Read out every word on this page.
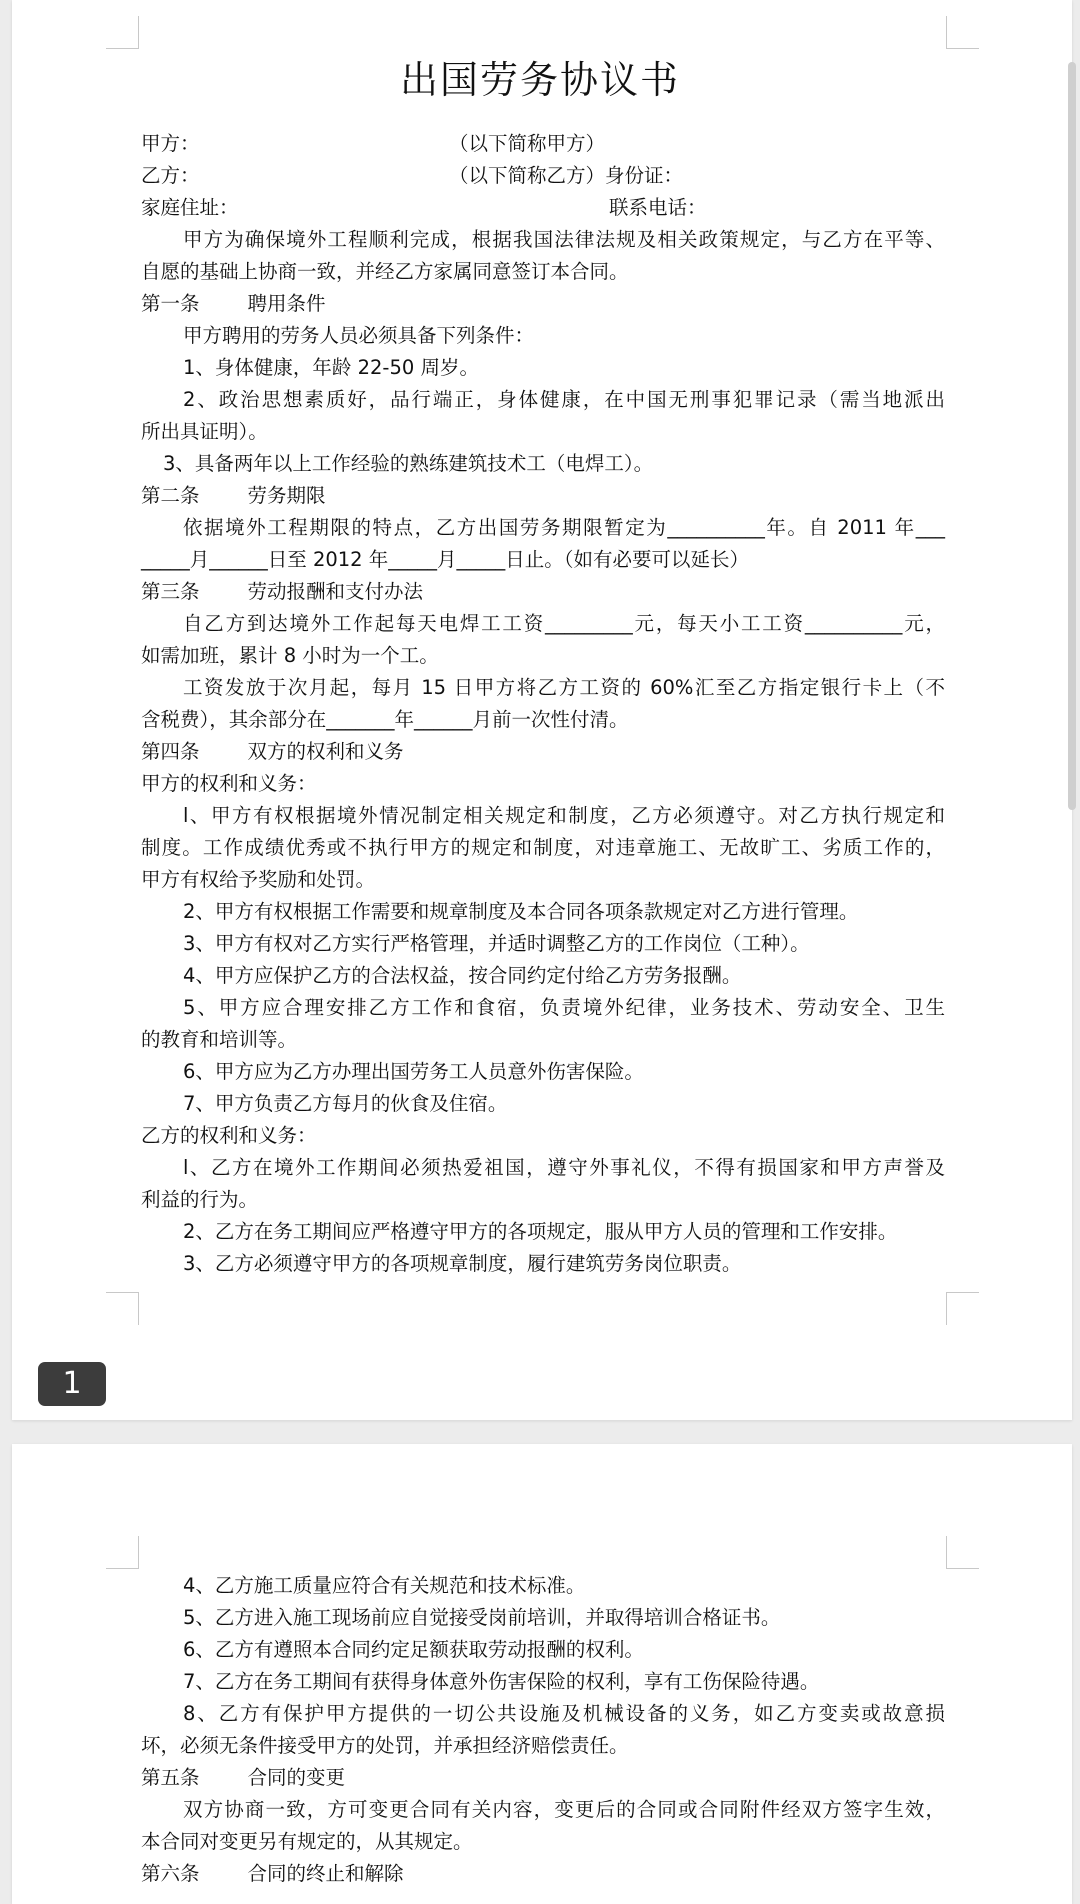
1
出国劳务协议书
甲方：	（以下简称甲方）
乙方：	（以下简称乙方）身份证：
家庭住址：	联系电话：
甲方为确保境外工程顺利完成，根据我国法律法规及相关政策规定，与乙方在平等、
自愿的基础上协商一致，并经乙方家属同意签订本合同。
第一条 聘用条件
甲方聘用的劳务人员必须具备下列条件：
1、身体健康，年龄 22-50 周岁。
2、政治思想素质好，品行端正，身体健康，在中国无刑事犯罪记录（需当地派出
所出具证明）。
3、具备两年以上工作经验的熟练建筑技术工（电焊工）。
第二条 劳务期限
依据境外工程期限的特点，乙方出国劳务期限暂定为__________年。自 2011 年___
_____月______日至 2012 年_____月_____日止。（如有必要可以延长）
第三条 劳动报酬和支付办法
自乙方到达境外工作起每天电焊工工资_________元，每天小工工资__________元，
如需加班，累计 8 小时为一个工。
工资发放于次月起，每月 15 日甲方将乙方工资的 60%汇至乙方指定银行卡上（不
含税费），其余部分在_______年______月前一次性付清。
第四条 双方的权利和义务
甲方的权利和义务：
l、甲方有权根据境外情况制定相关规定和制度，乙方必须遵守。对乙方执行规定和
制度。工作成绩优秀或不执行甲方的规定和制度，对违章施工、无故旷工、劣质工作的，
甲方有权给予奖励和处罚。
2、甲方有权根据工作需要和规章制度及本合同各项条款规定对乙方进行管理。
3、甲方有权对乙方实行严格管理，并适时调整乙方的工作岗位（工种）。
4、甲方应保护乙方的合法权益，按合同约定付给乙方劳务报酬。
5、甲方应合理安排乙方工作和食宿，负责境外纪律，业务技术、劳动安全、卫生
的教育和培训等。
6、甲方应为乙方办理出国劳务工人员意外伤害保险。
7、甲方负责乙方每月的伙食及住宿。
乙方的权利和义务：
l、乙方在境外工作期间必须热爱祖国，遵守外事礼仪，不得有损国家和甲方声誉及
利益的行为。
2、乙方在务工期间应严格遵守甲方的各项规定，服从甲方人员的管理和工作安排。
3、乙方必须遵守甲方的各项规章制度，履行建筑劳务岗位职责。
4、乙方施工质量应符合有关规范和技术标准。
5、乙方进入施工现场前应自觉接受岗前培训，并取得培训合格证书。
6、乙方有遵照本合同约定足额获取劳动报酬的权利。
7、乙方在务工期间有获得身体意外伤害保险的权利，享有工伤保险待遇。
8、乙方有保护甲方提供的一切公共设施及机械设备的义务，如乙方变卖或故意损
坏，必须无条件接受甲方的处罚，并承担经济赔偿责任。
第五条 合同的变更
双方协商一致，方可变更合同有关内容，变更后的合同或合同附件经双方签字生效，
本合同对变更另有规定的，从其规定。
第六条 合同的终止和解除
